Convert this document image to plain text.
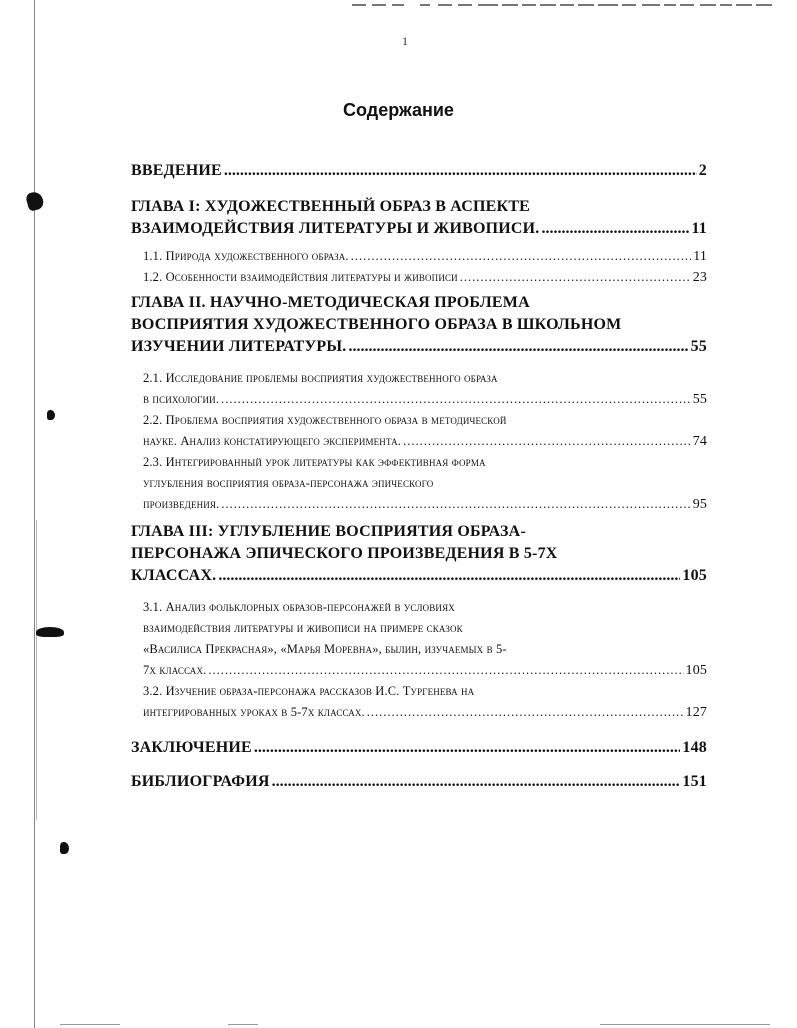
1
Содержание
ВВЕДЕНИЕ .....	2
ГЛАВА I: ХУДОЖЕСТВЕННЫЙ ОБРАЗ В АСПЕКТЕ
ВЗАИМОДЕЙСТВИЯ ЛИТЕРАТУРЫ И ЖИВОПИСИ. .....	11
1.1. Природа художественного образа. .....	11
1.2. Особенности взаимодействия литературы и живописи .....	23
ГЛАВА II. НАУЧНО-МЕТОДИЧЕСКАЯ ПРОБЛЕМА
ВОСПРИЯТИЯ ХУДОЖЕСТВЕННОГО ОБРАЗА В ШКОЛЬНОМ
ИЗУЧЕНИИ ЛИТЕРАТУРЫ. .....	55
2.1. Исследование проблемы восприятия художественного образа
в психологии. .....	55
2.2. Проблема восприятия художественного образа в методической
науке. Анализ констатирующего эксперимента. .....	74
2.3. Интегрированный урок литературы как эффективная форма
углубления восприятия образа-персонажа эпического
произведения. .....	95
ГЛАВА III: УГЛУБЛЕНИЕ ВОСПРИЯТИЯ ОБРАЗА-
ПЕРСОНАЖА ЭПИЧЕСКОГО ПРОИЗВЕДЕНИЯ В 5-7Х
КЛАССАХ. .....	105
3.1. Анализ фольклорных образов-персонажей в условиях
взаимодействия литературы и живописи на примере сказок
«Василиса Прекрасная», «Марья Моревна», былин, изучаемых в 5-
7х классах. .....	105
3.2. Изучение образа-персонажа рассказов И.С. Тургенева на
интегрированных уроках в 5-7х классах. .....	127
ЗАКЛЮЧЕНИЕ .....	148
БИБЛИОГРАФИЯ .....	151
